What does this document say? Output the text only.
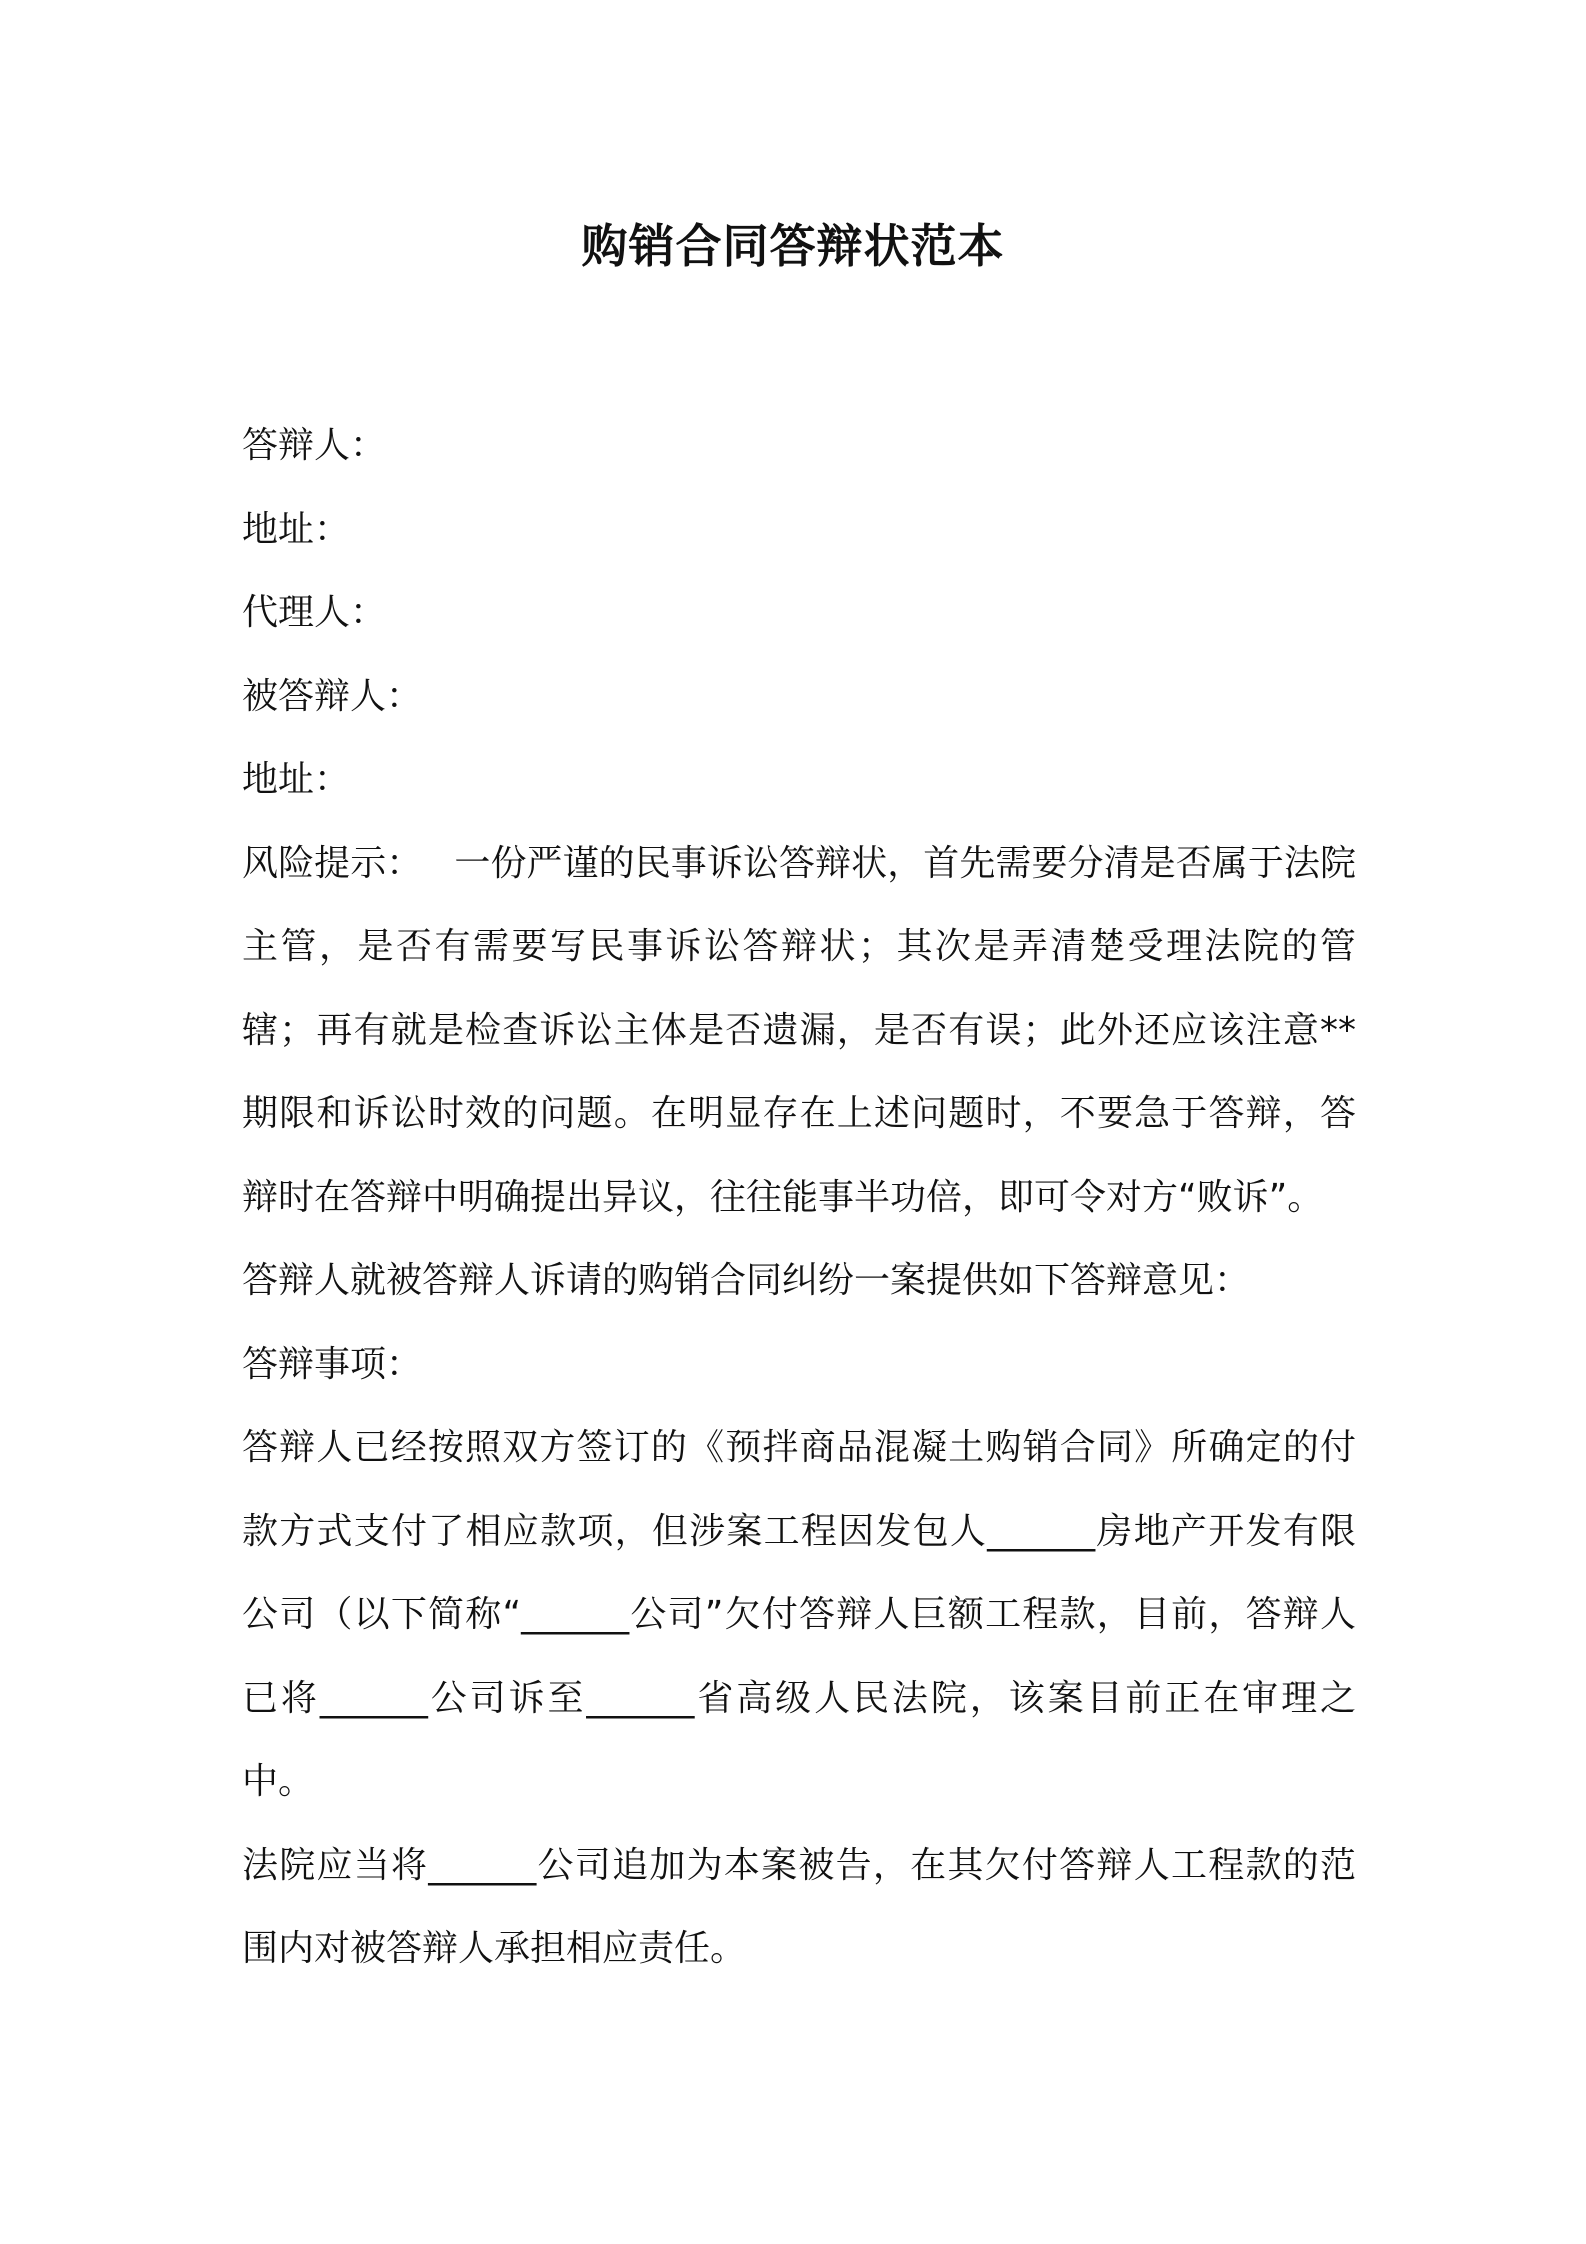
购销合同答辩状范本
答辩人：
地址：
代理人：
被答辩人：
地址：

风险提示： 一份严谨的民事诉讼答辩状，首先需要分清是否属于法院主管，是否有需要写民事诉讼答辩状；其次是弄清楚受理法院的管辖；再有就是检查诉讼主体是否遗漏，是否有误；此外还应该注意**期限和诉讼时效的问题。在明显存在上述问题时，不要急于答辩，答辩时在答辩中明确提出异议，往往能事半功倍，即可令对方“败诉”。

答辩人就被答辩人诉请的购销合同纠纷一案提供如下答辩意见：

答辩事项：

答辩人已经按照双方签订的《预拌商品混凝土购销合同》所确定的付款方式支付了相应款项，但涉案工程因发包人______房地产开发有限公司（以下简称“______公司”欠付答辩人巨额工程款，目前，答辩人已将______公司诉至______省高级人民法院，该案目前正在审理之中。

法院应当将______公司追加为本案被告，在其欠付答辩人工程款的范围内对被答辩人承担相应责任。
